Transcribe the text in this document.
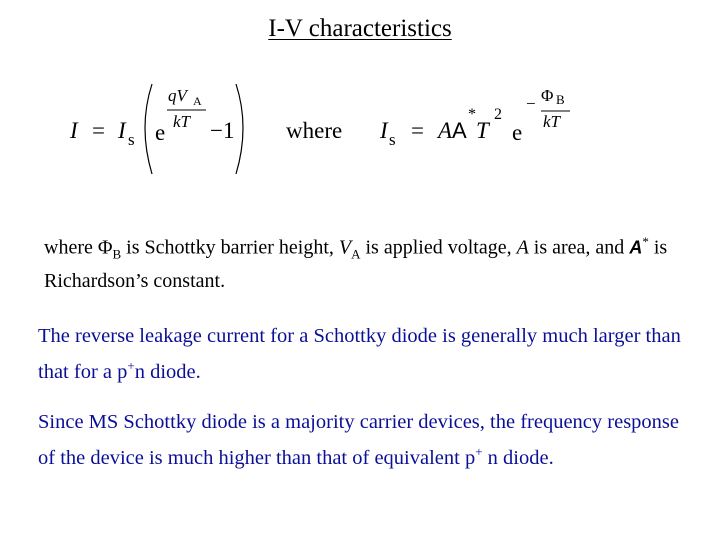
I-V characteristics
I = I s e
qV A
kT −1 where I s = A A
*
T
2
e
− Φ B
kT
where $\Phi_B$ is Schottky barrier height, $V_A$ is applied voltage, A is area, and A* is Richardson’s constant.
The reverse leakage current for a Schottky diode is generally much larger than that for a p+n diode.
Since MS Schottky diode is a majority carrier devices, the frequency response of the device is much higher than that of equivalent p+ n diode.
